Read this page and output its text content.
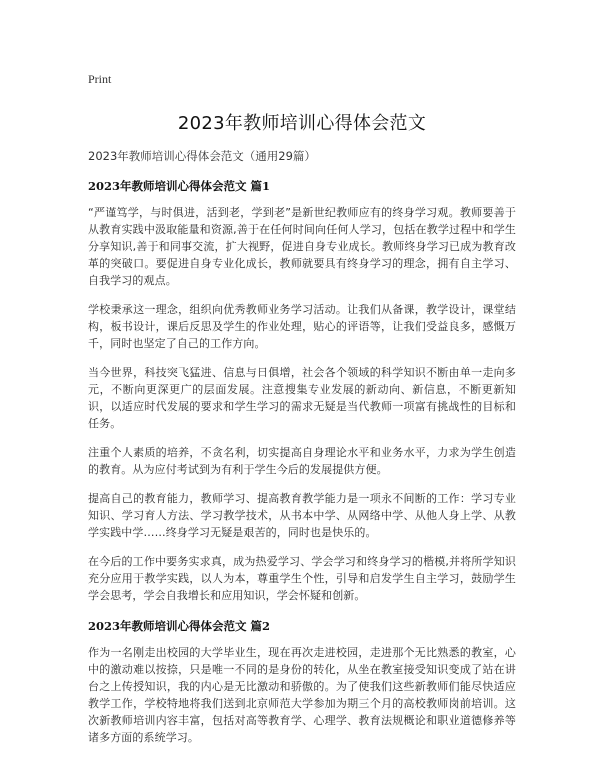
Print
2023年教师培训心得体会范文
2023年教师培训心得体会范文（通用29篇）
2023年教师培训心得体会范文 篇1

“严谨笃学，与时俱进，活到老，学到老”是新世纪教师应有的终身学习观。教师要善于从教育实践中汲取能量和资源,善于在任何时间向任何人学习，包括在教学过程中和学生分享知识,善于和同事交流，扩大视野，促进自身专业成长。教师终身学习已成为教育改革的突破口。要促进自身专业化成长，教师就要具有终身学习的理念，拥有自主学习、自我学习的观点。

学校秉承这一理念，组织向优秀教师业务学习活动。让我们从备课，教学设计，课堂结构，板书设计，课后反思及学生的作业处理，贴心的评语等，让我们受益良多，感慨万千，同时也坚定了自己的工作方向。

当今世界，科技突飞猛进、信息与日俱增，社会各个领域的科学知识不断由单一走向多元，不断向更深更广的层面发展。注意搜集专业发展的新动向、新信息，不断更新知识，以适应时代发展的要求和学生学习的需求无疑是当代教师一项富有挑战性的目标和任务。

注重个人素质的培养，不贪名利，切实提高自身理论水平和业务水平，力求为学生创造的教育。从为应付考试到为有利于学生今后的发展提供方便。

提高自己的教育能力，教师学习、提高教育教学能力是一项永不间断的工作：学习专业知识、学习育人方法、学习教学技术，从书本中学、从网络中学、从他人身上学、从教学实践中学……终身学习无疑是艰苦的，同时也是快乐的。

在今后的工作中要务实求真，成为热爱学习、学会学习和终身学习的楷模,并将所学知识充分应用于教学实践，以人为本，尊重学生个性，引导和启发学生自主学习，鼓励学生学会思考，学会自我增长和应用知识，学会怀疑和创新。

2023年教师培训心得体会范文 篇2

作为一名刚走出校园的大学毕业生，现在再次走进校园，走进那个无比熟悉的教室，心中的激动难以按捺，只是唯一不同的是身份的转化，从坐在教室接受知识变成了站在讲台之上传授知识，我的内心是无比激动和骄傲的。为了使我们这些新教师们能尽快适应教学工作，学校特地将我们送到北京师范大学参加为期三个月的高校教师岗前培训。这次新教师培训内容丰富，包括对高等教育学、心理学、教育法规概论和职业道德修养等诸多方面的系统学习。
